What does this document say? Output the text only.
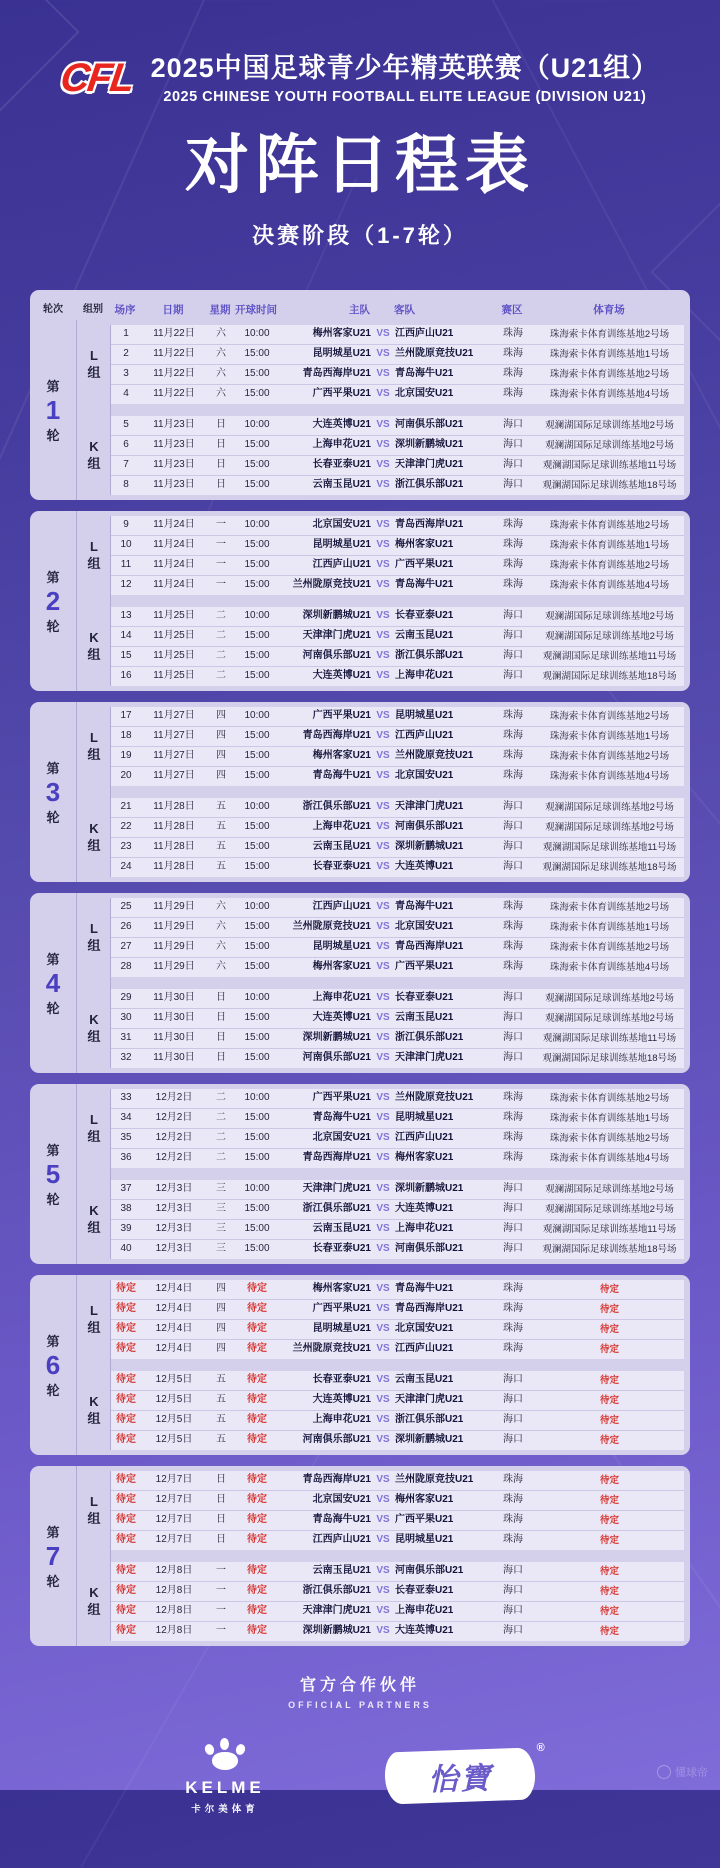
CFL 2025中国足球青少年精英联赛（U21组）
2025 CHINESE YOUTH FOOTBALL ELITE LEAGUE (DIVISION U21)
对阵日程表
决赛阶段（1-7轮）
轮次	组别	场序	日期	星期 开球时间	主队 客队	赛区	体育场
第
1
轮
L
组
1	11月22日	六	10:00	梅州客家U21 VS 江西庐山U21	珠海	珠海索卡体育训练基地2号场
2	11月22日	六	15:00	昆明城星U21 VS 兰州陇原竞技U21	珠海	珠海索卡体育训练基地1号场
3	11月22日	六	15:00	青岛西海岸U21 VS 青岛海牛U21	珠海	珠海索卡体育训练基地2号场
4	11月22日	六	15:00	广西平果U21 VS 北京国安U21	珠海	珠海索卡体育训练基地4号场
K
组
5	11月23日	日	10:00	大连英博U21 VS 河南俱乐部U21	海口	观澜湖国际足球训练基地2号场
6	11月23日	日	15:00	上海申花U21 VS 深圳新鹏城U21	海口	观澜湖国际足球训练基地2号场
7	11月23日	日	15:00	长春亚泰U21 VS 天津津门虎U21	海口	观澜湖国际足球训练基地11号场
8	11月23日	日	15:00	云南玉昆U21 VS 浙江俱乐部U21	海口	观澜湖国际足球训练基地18号场
第
2
轮
L
组
9	11月24日	一	10:00	北京国安U21 VS 青岛西海岸U21	珠海	珠海索卡体育训练基地2号场
10	11月24日	一	15:00	昆明城星U21 VS 梅州客家U21	珠海	珠海索卡体育训练基地1号场
11	11月24日	一	15:00	江西庐山U21 VS 广西平果U21	珠海	珠海索卡体育训练基地2号场
12	11月24日	一	15:00	兰州陇原竞技U21 VS 青岛海牛U21	珠海	珠海索卡体育训练基地4号场
K
组
13	11月25日	二	10:00	深圳新鹏城U21 VS 长春亚泰U21	海口	观澜湖国际足球训练基地2号场
14	11月25日	二	15:00	天津津门虎U21 VS 云南玉昆U21	海口	观澜湖国际足球训练基地2号场
15	11月25日	二	15:00	河南俱乐部U21 VS 浙江俱乐部U21	海口	观澜湖国际足球训练基地11号场
16	11月25日	二	15:00	大连英博U21 VS 上海申花U21	海口	观澜湖国际足球训练基地18号场
第
3
轮
L
组
17	11月27日	四	10:00	广西平果U21 VS 昆明城星U21	珠海	珠海索卡体育训练基地2号场
18	11月27日	四	15:00	青岛西海岸U21 VS 江西庐山U21	珠海	珠海索卡体育训练基地1号场
19	11月27日	四	15:00	梅州客家U21 VS 兰州陇原竞技U21	珠海	珠海索卡体育训练基地2号场
20	11月27日	四	15:00	青岛海牛U21 VS 北京国安U21	珠海	珠海索卡体育训练基地4号场
K
组
21	11月28日	五	10:00	浙江俱乐部U21 VS 天津津门虎U21	海口	观澜湖国际足球训练基地2号场
22	11月28日	五	15:00	上海申花U21 VS 河南俱乐部U21	海口	观澜湖国际足球训练基地2号场
23	11月28日	五	15:00	云南玉昆U21 VS 深圳新鹏城U21	海口	观澜湖国际足球训练基地11号场
24	11月28日	五	15:00	长春亚泰U21 VS 大连英博U21	海口	观澜湖国际足球训练基地18号场
第
4
轮
L
组
25	11月29日	六	10:00	江西庐山U21 VS 青岛海牛U21	珠海	珠海索卡体育训练基地2号场
26	11月29日	六	15:00	兰州陇原竞技U21 VS 北京国安U21	珠海	珠海索卡体育训练基地1号场
27	11月29日	六	15:00	昆明城星U21 VS 青岛西海岸U21	珠海	珠海索卡体育训练基地2号场
28	11月29日	六	15:00	梅州客家U21 VS 广西平果U21	珠海	珠海索卡体育训练基地4号场
K
组
29	11月30日	日	10:00	上海申花U21 VS 长春亚泰U21	海口	观澜湖国际足球训练基地2号场
30	11月30日	日	15:00	大连英博U21 VS 云南玉昆U21	海口	观澜湖国际足球训练基地2号场
31	11月30日	日	15:00	深圳新鹏城U21 VS 浙江俱乐部U21	海口	观澜湖国际足球训练基地11号场
32	11月30日	日	15:00	河南俱乐部U21 VS 天津津门虎U21	海口	观澜湖国际足球训练基地18号场
第
5
轮
L
组
33	12月2日	二	10:00	广西平果U21 VS 兰州陇原竞技U21	珠海	珠海索卡体育训练基地2号场
34	12月2日	二	15:00	青岛海牛U21 VS 昆明城星U21	珠海	珠海索卡体育训练基地1号场
35	12月2日	二	15:00	北京国安U21 VS 江西庐山U21	珠海	珠海索卡体育训练基地2号场
36	12月2日	二	15:00	青岛西海岸U21 VS 梅州客家U21	珠海	珠海索卡体育训练基地4号场
K
组
37	12月3日	三	10:00	天津津门虎U21 VS 深圳新鹏城U21	海口	观澜湖国际足球训练基地2号场
38	12月3日	三	15:00	浙江俱乐部U21 VS 大连英博U21	海口	观澜湖国际足球训练基地2号场
39	12月3日	三	15:00	云南玉昆U21 VS 上海申花U21	海口	观澜湖国际足球训练基地11号场
40	12月3日	三	15:00	长春亚泰U21 VS 河南俱乐部U21	海口	观澜湖国际足球训练基地18号场
第
6
轮
L
组
待定	12月4日	四	待定	梅州客家U21 VS 青岛海牛U21	珠海	待定
待定	12月4日	四	待定	广西平果U21 VS 青岛西海岸U21	珠海	待定
待定	12月4日	四	待定	昆明城星U21 VS 北京国安U21	珠海	待定
待定	12月4日	四	待定	兰州陇原竞技U21 VS 江西庐山U21	珠海	待定
K
组
待定	12月5日	五	待定	长春亚泰U21 VS 云南玉昆U21	海口	待定
待定	12月5日	五	待定	大连英博U21 VS 天津津门虎U21	海口	待定
待定	12月5日	五	待定	上海申花U21 VS 浙江俱乐部U21	海口	待定
待定	12月5日	五	待定	河南俱乐部U21 VS 深圳新鹏城U21	海口	待定
第
7
轮
L
组
待定	12月7日	日	待定	青岛西海岸U21 VS 兰州陇原竞技U21	珠海	待定
待定	12月7日	日	待定	北京国安U21 VS 梅州客家U21	珠海	待定
待定	12月7日	日	待定	青岛海牛U21 VS 广西平果U21	珠海	待定
待定	12月7日	日	待定	江西庐山U21 VS 昆明城星U21	珠海	待定
K
组
待定	12月8日	一	待定	云南玉昆U21 VS 河南俱乐部U21	海口	待定
待定	12月8日	一	待定	浙江俱乐部U21 VS 长春亚泰U21	海口	待定
待定	12月8日	一	待定	天津津门虎U21 VS 上海申花U21	海口	待定
待定	12月8日	一	待定	深圳新鹏城U21 VS 大连英博U21	海口	待定
官方合作伙伴
OFFICIAL PARTNERS
KELME
卡尔美体育
怡寶
®
懂球帝
